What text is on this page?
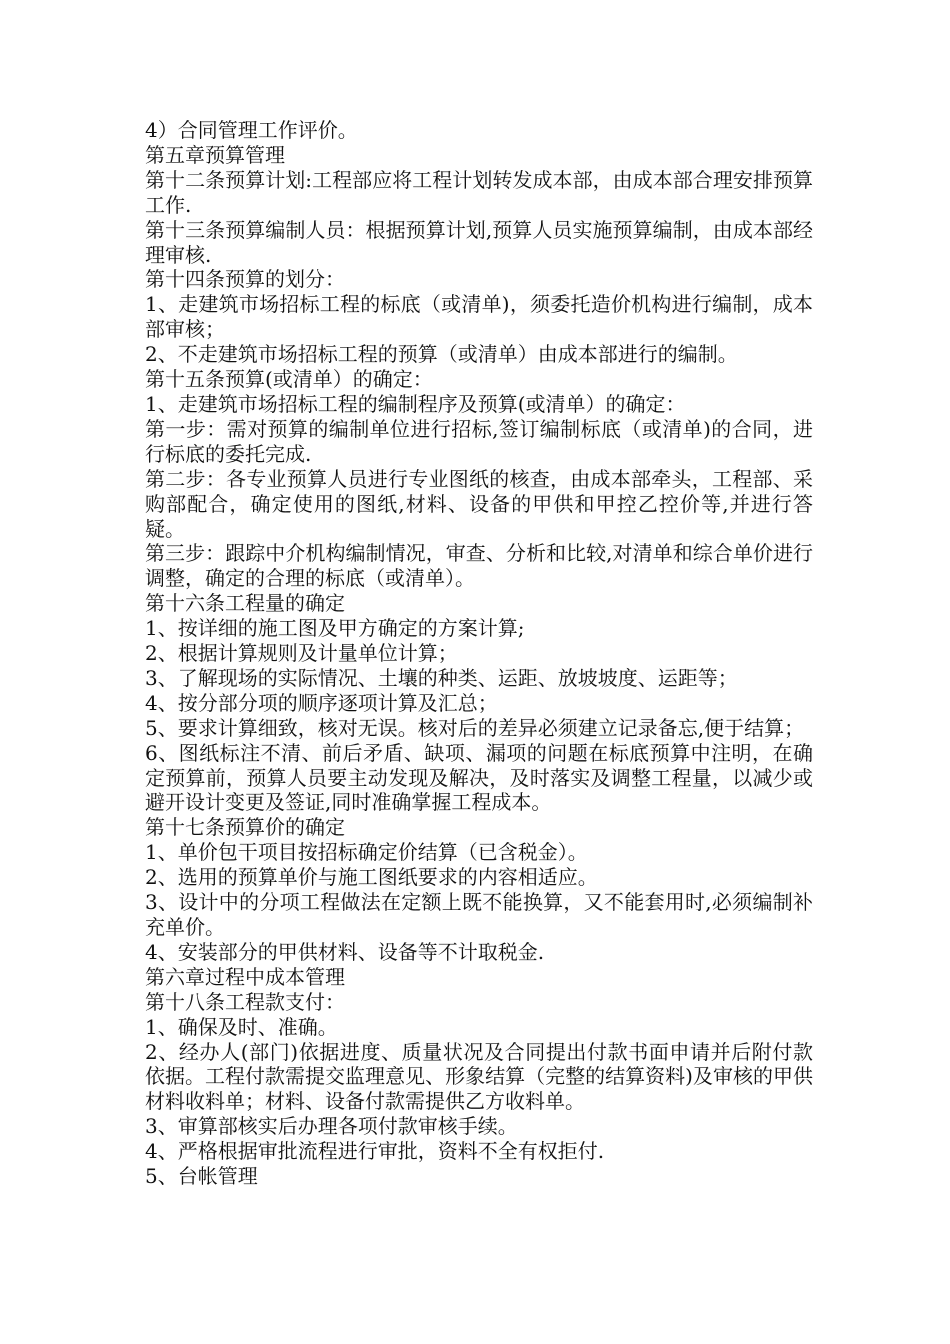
4）合同管理工作评价。

第五章预算管理

第十二条预算计划:工程部应将工程计划转发成本部，由成本部合理安排预算工作.

第十三条预算编制人员：根据预算计划,预算人员实施预算编制，由成本部经理审核.

第十四条预算的划分：

1、走建筑市场招标工程的标底（或清单)，须委托造价机构进行编制，成本部审核；

2、不走建筑市场招标工程的预算（或清单）由成本部进行的编制。

第十五条预算(或清单）的确定：

1、走建筑市场招标工程的编制程序及预算(或清单）的确定：

第一步：需对预算的编制单位进行招标,签订编制标底（或清单)的合同，进行标底的委托完成.

第二步：各专业预算人员进行专业图纸的核查，由成本部牵头，工程部、采购部配合，确定使用的图纸,材料、设备的甲供和甲控乙控价等,并进行答疑。

第三步：跟踪中介机构编制情况，审查、分析和比较,对清单和综合单价进行调整，确定的合理的标底（或清单）。

第十六条工程量的确定

1、按详细的施工图及甲方确定的方案计算;

2、根据计算规则及计量单位计算；

3、了解现场的实际情况、土壤的种类、运距、放坡坡度、运距等；

4、按分部分项的顺序逐项计算及汇总；

5、要求计算细致，核对无误。核对后的差异必须建立记录备忘,便于结算；

6、图纸标注不清、前后矛盾、缺项、漏项的问题在标底预算中注明，在确定预算前，预算人员要主动发现及解决，及时落实及调整工程量，以减少或避开设计变更及签证,同时准确掌握工程成本。

第十七条预算价的确定

1、单价包干项目按招标确定价结算（已含税金）。

2、选用的预算单价与施工图纸要求的内容相适应。

3、设计中的分项工程做法在定额上既不能换算，又不能套用时,必须编制补充单价。

4、安装部分的甲供材料、设备等不计取税金.

第六章过程中成本管理

第十八条工程款支付：

1、确保及时、准确。

2、经办人(部门)依据进度、质量状况及合同提出付款书面申请并后附付款依据。工程付款需提交监理意见、形象结算（完整的结算资料)及审核的甲供材料收料单；材料、设备付款需提供乙方收料单。

3、审算部核实后办理各项付款审核手续。

4、严格根据审批流程进行审批，资料不全有权拒付.

5、台帐管理
